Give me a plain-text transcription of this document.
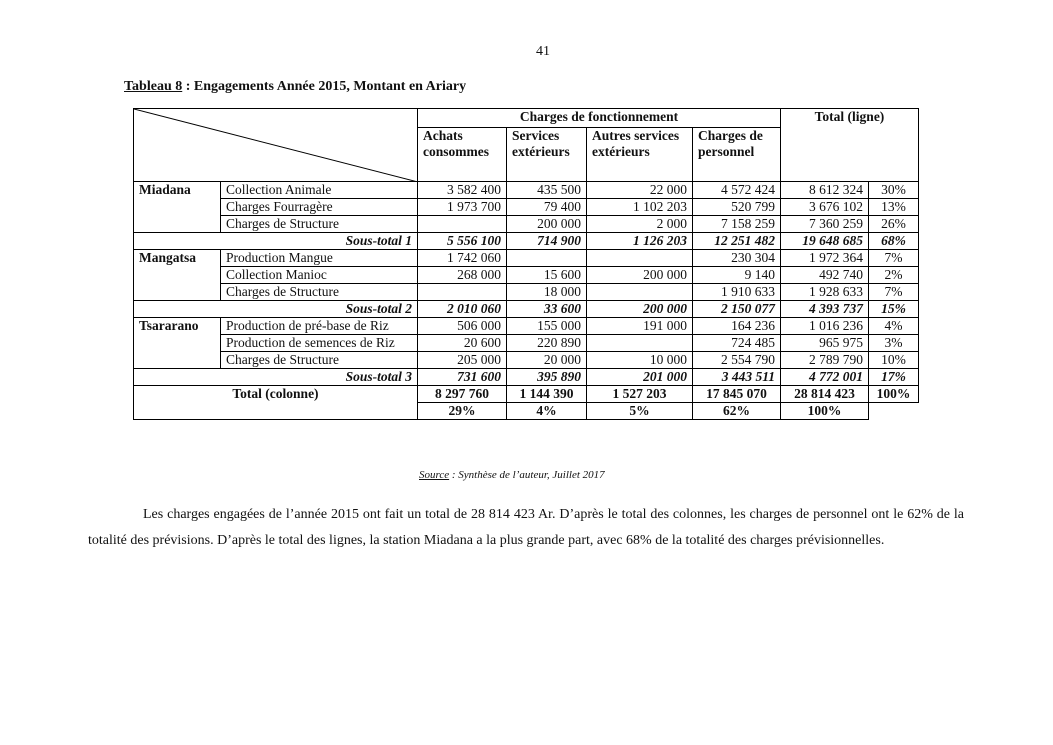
41
Tableau 8 : Engagements Année 2015, Montant en Ariary
	Charges de fonctionnement				Total (ligne)	
		Achats consommes	Services extérieurs	Autres services extérieurs	Charges de personnel		
Miadana	Collection Animale	3 582 400	435 500	22 000	4 572 424	8 612 324	30%
	Charges Fourragère	1 973 700	79 400	1 102 203	520 799	3 676 102	13%
	Charges de Structure		200 000	2 000	7 158 259	7 360 259	26%
Sous-total 1		5 556 100	714 900	1 126 203	12 251 482	19 648 685	68%
Mangatsa	Production Mangue	1 742 060			230 304	1 972 364	7%
	Collection Manioc	268 000	15 600	200 000	9 140	492 740	2%
	Charges de Structure		18 000		1 910 633	1 928 633	7%
Sous-total 2		2 010 060	33 600	200 000	2 150 077	4 393 737	15%
Tsararano	Production de pré-base de Riz	506 000	155 000	191 000	164 236	1 016 236	4%
	Production de semences de Riz	20 600	220 890		724 485	965 975	3%
	Charges de Structure	205 000	20 000	10 000	2 554 790	2 789 790	10%
Sous-total 3		731 600	395 890	201 000	3 443 511	4 772 001	17%
Total (colonne)		8 297 760	1 144 390	1 527 203	17 845 070	28 814 423	100%
		29%	4%	5%	62%	100%	
Source : Synthèse de l’auteur, Juillet 2017

Les charges engagées de l’année 2015 ont fait un total de 28 814 423 Ar. D’après le total des colonnes, les charges de personnel ont le 62% de la totalité des prévisions. D’après le total des lignes, la station Miadana a la plus grande part, avec 68% de la totalité des charges prévisionnelles.
